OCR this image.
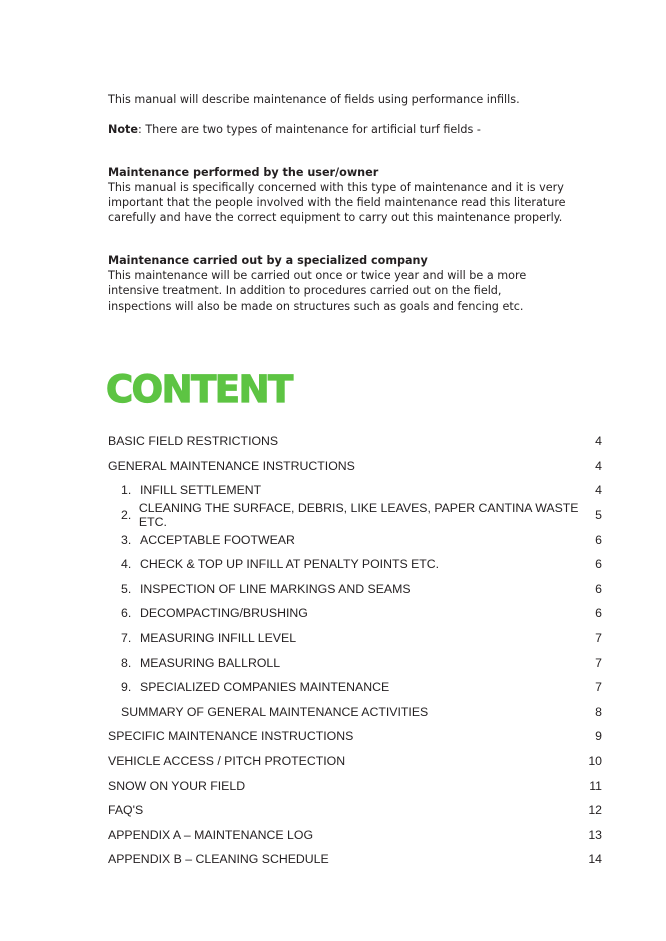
This manual will describe maintenance of fields using performance infills.

Note: There are two types of maintenance for artificial turf fields -

Maintenance performed by the user/owner

This manual is specifically concerned with this type of maintenance and it is very

important that the people involved with the field maintenance read this literature

carefully and have the correct equipment to carry out this maintenance properly.

Maintenance carried out by a specialized company

This maintenance will be carried out once or twice year and will be a more

intensive treatment. In addition to procedures carried out on the field,

inspections will also be made on structures such as goals and fencing etc.

CONTENT
BASIC FIELD RESTRICTIONS	4
GENERAL MAINTENANCE INSTRUCTIONS	4
1. INFILL SETTLEMENT	4
2. CLEANING THE SURFACE, DEBRIS, LIKE LEAVES, PAPER CANTINA WASTE ETC.	5
3. ACCEPTABLE FOOTWEAR	6
4. CHECK & TOP UP INFILL AT PENALTY POINTS ETC.	6
5. INSPECTION OF LINE MARKINGS AND SEAMS	6
6. DECOMPACTING/BRUSHING	6
7. MEASURING INFILL LEVEL	7
8. MEASURING BALLROLL	7
9. SPECIALIZED COMPANIES MAINTENANCE	7
SUMMARY OF GENERAL MAINTENANCE ACTIVITIES	8
SPECIFIC MAINTENANCE INSTRUCTIONS	9
VEHICLE ACCESS / PITCH PROTECTION	10
SNOW ON YOUR FIELD	11
FAQ'S	12
APPENDIX A – MAINTENANCE LOG	13
APPENDIX B – CLEANING SCHEDULE	14
